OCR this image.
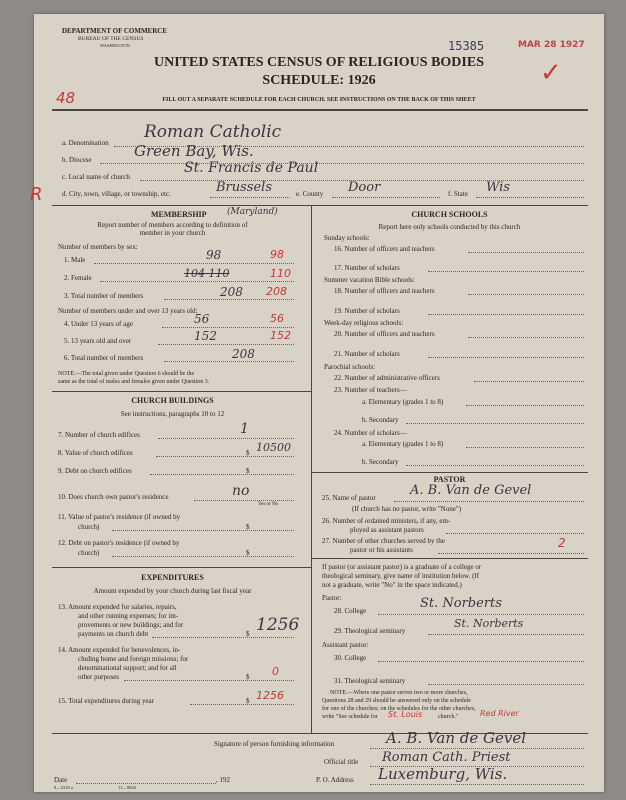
DEPARTMENT OF COMMERCE
BUREAU OF THE CENSUS
WASHINGTON	15385	MAR 28 1927
✓
UNITED STATES CENSUS OF RELIGIOUS BODIES
SCHEDULE: 1926
48	FILL OUT A SEPARATE SCHEDULE FOR EACH CHURCH. SEE INSTRUCTIONS ON THE BACK OF THIS SHEET
a. Denomination
Roman Catholic
b. Diocese	Green Bay, Wis.
c. Local name of church
St. Francis de Paul
R	d. City, town, village, or township, etc.	Brussels	e. County Door	f. State Wis
MEMBERSHIP (Maryland)
Report number of members according to definition of
member in your church
Number of members by sex:
1. Male	98	98
2. Female	104 110	110
3. Total number of members	208 208
Number of members under and over 13 years old:
4. Under 13 years of age	56	56
5. 13 years old and over	152	152
6. Total number of members	208
NOTE.—The total given under Question 6 should be the
same as the total of males and females given under Question 3.
CHURCH BUILDINGS
See instructions, paragraphs 10 to 12
7. Number of church edifices	1
8. Value of church edifices	$ 10500
9. Debt on church edifices	$
10. Does church own pastor's residence	no
Yes or No
11. Value of pastor's residence (if owned by
church)	$
12. Debt on pastor's residence (if owned by
church)	$
EXPENDITURES
Amount expended by your church during last fiscal year
13. Amount expended for salaries, repairs,
and other running expenses; for im-
provements or new buildings; and for
payments on church debt	$ 1256
14. Amount expended for benevolences, in-
cluding home and foreign missions; for
denominational support; and for all
other purposes	$ 0
15. Total expenditures during year	$ 1256
CHURCH SCHOOLS
Report here only schools conducted by this church
Sunday schools:
16. Number of officers and teachers
17. Number of scholars
Summer vacation Bible schools:
18. Number of officers and teachers
19. Number of scholars
Week-day religious schools:
20. Number of officers and teachers
21. Number of scholars
Parochial schools:
22. Number of administrative officers
23. Number of teachers—
a. Elementary (grades 1 to 8)
b. Secondary
24. Number of scholars—
a. Elementary (grades 1 to 8)
b. Secondary
PASTOR
25. Name of pastor	A. B. Van de Gevel
(If church has no pastor, write "None")
26. Number of ordained ministers, if any, em-
ployed as assistant pastors
27. Number of other churches served by the
pastor or his assistants	2
If pastor (or assistant pastor) is a graduate of a college or
theological seminary, give name of institution below. (If
not a graduate, write "No" in the space indicated.)
Pastor:
28. College	St. Norberts
29. Theological seminary
St. Norberts
Assistant pastor:
30. College
31. Theological seminary
NOTE.—Where one pastor serves two or more churches,
Questions 28 and 29 should be answered only on the schedule
for one of the churches; on the schedules for the other churches,
write "See schedule for St. Louis	church."	Red River
Signature of person furnishing information	A. B. Van de Gevel
Official title Roman Cath. Priest
Date	, 192	P. O. Address Luxemburg, Wis.
8—5318 a	11—9026
